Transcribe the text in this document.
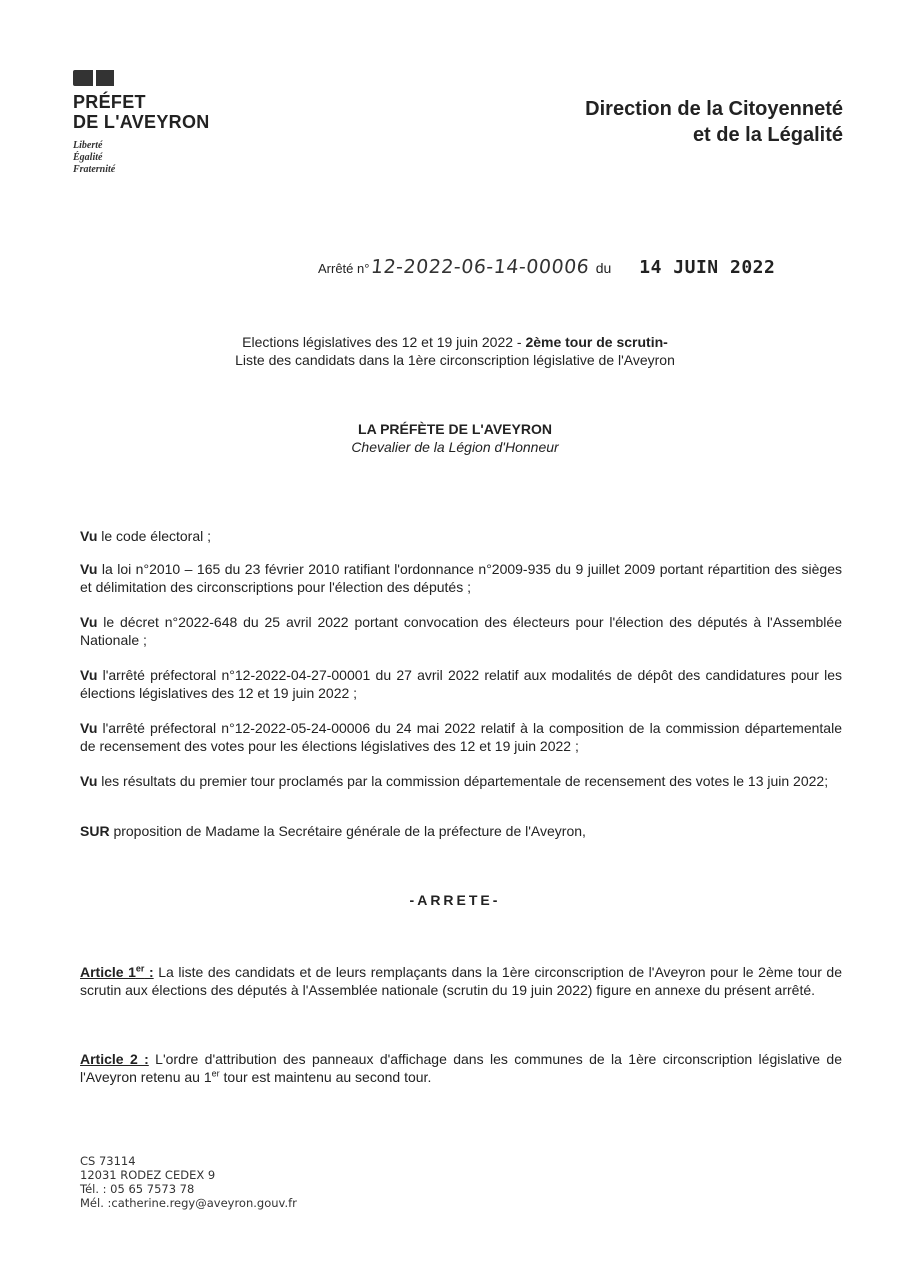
PRÉFET
DE L'AVEYRON
Liberté
Égalité
Fraternité
Direction de la Citoyenneté
et de la Légalité
Arrêté n° 12-2022-06-14-00006 du 14 JUIN 2022
Elections législatives des 12 et 19 juin 2022 - 2ème tour de scrutin-
Liste des candidats dans la 1ère circonscription législative de l'Aveyron
LA PRÉFÈTE DE L'AVEYRON
Chevalier de la Légion d'Honneur

Vu le code électoral ;

Vu la loi n°2010 – 165 du 23 février 2010 ratifiant l'ordonnance n°2009-935 du 9 juillet 2009 portant répartition des sièges et délimitation des circonscriptions pour l'élection des députés ;

Vu le décret n°2022-648 du 25 avril 2022 portant convocation des électeurs pour l'élection des députés à l'Assemblée Nationale ;

Vu l'arrêté préfectoral n°12-2022-04-27-00001 du 27 avril 2022 relatif aux modalités de dépôt des candidatures pour les élections législatives des 12 et 19 juin 2022 ;

Vu l'arrêté préfectoral n°12-2022-05-24-00006 du 24 mai 2022 relatif à la composition de la commission départementale de recensement des votes pour les élections législatives des 12 et 19 juin 2022 ;

Vu les résultats du premier tour proclamés par la commission départementale de recensement des votes le 13 juin 2022;

SUR proposition de Madame la Secrétaire générale de la préfecture de l'Aveyron,

-ARRETE-

Article 1er : La liste des candidats et de leurs remplaçants dans la 1ère circonscription de l'Aveyron pour le 2ème tour de scrutin aux élections des députés à l'Assemblée nationale (scrutin du 19 juin 2022) figure en annexe du présent arrêté.

Article 2 : L'ordre d'attribution des panneaux d'affichage dans les communes de la 1ère circonscription législative de l'Aveyron retenu au 1er tour est maintenu au second tour.

CS 73114
12031 RODEZ CEDEX 9
Tél. : 05 65 7573 78
Mél. :catherine.regy@aveyron.gouv.fr
